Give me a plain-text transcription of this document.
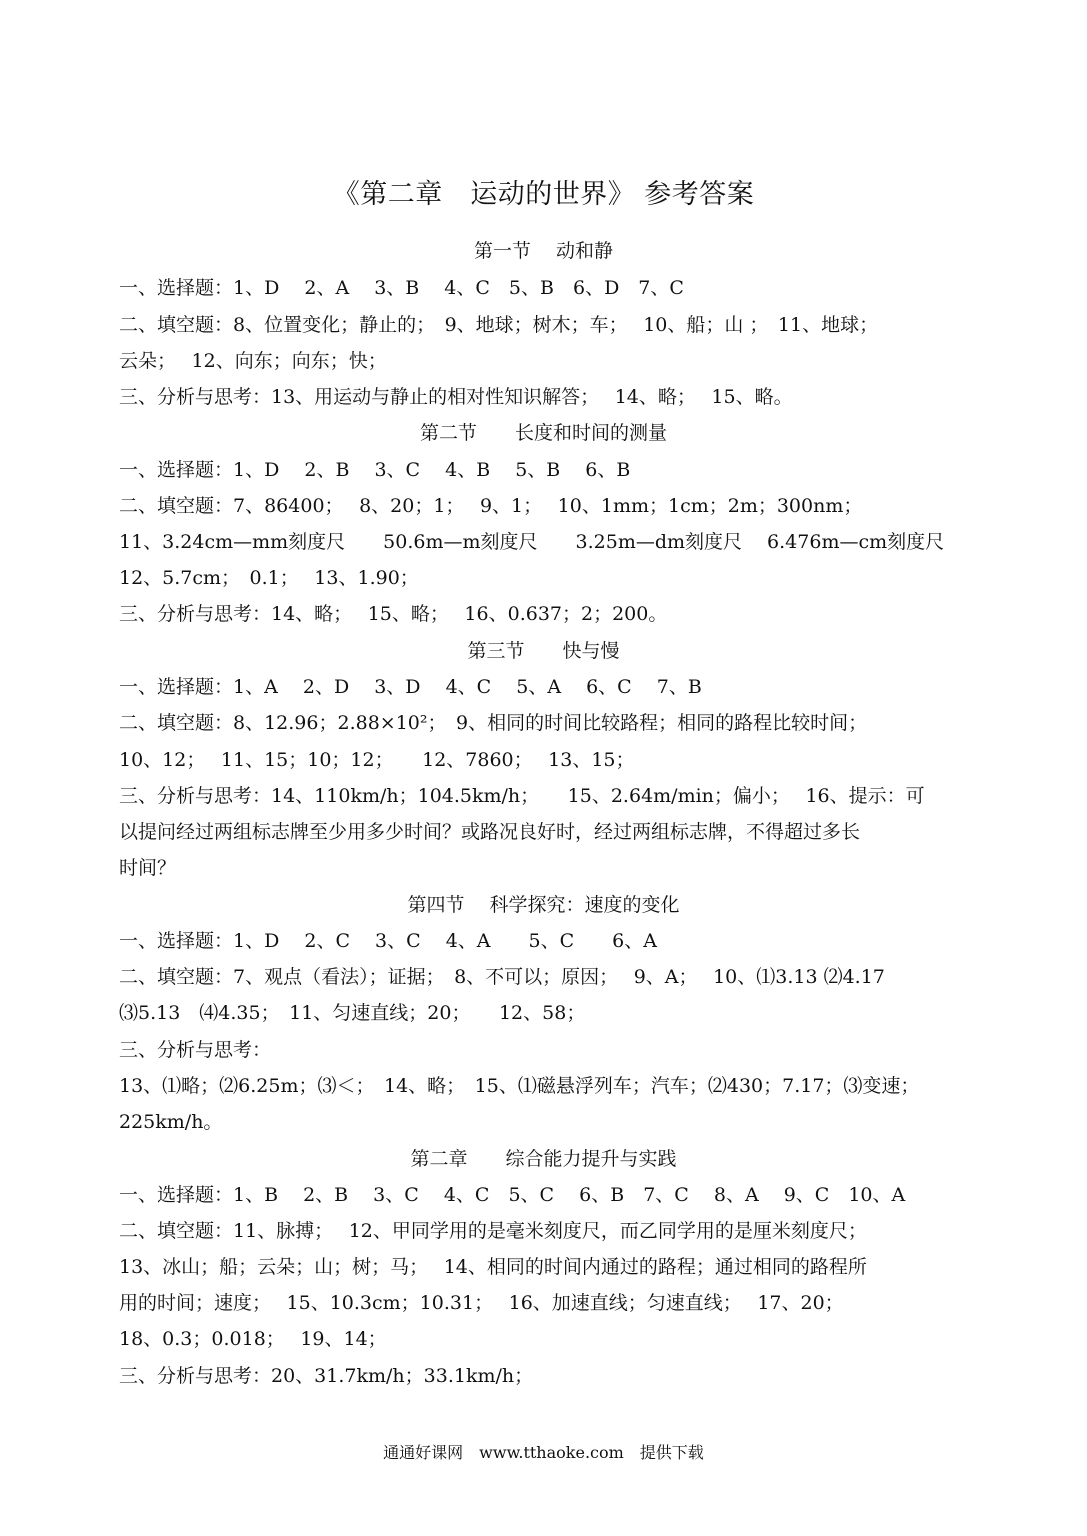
《第二章　运动的世界》 参考答案
第一节　 动和静
一、选择题：1、D　 2、A　 3、B　 4、C　5、B　6、D　7、C
二、填空题：8、位置变化；静止的；　9、地球；树木；车；　 10、船；山 ；　11、地球；
云朵；　 12、向东；向东；快；
三、分析与思考：13、用运动与静止的相对性知识解答；　 14、略；　 15、略。
第二节　　长度和时间的测量
一、选择题：1、D　 2、B　 3、C　 4、B　 5、B　 6、B
二、填空题：7、86400；　 8、20；1；　 9、1；　 10、1mm；1cm；2m；300nm；
11、3.24cm—mm刻度尺　　50.6m—m刻度尺　　3.25m—dm刻度尺　 6.476m—cm刻度尺
12、5.7cm；　0.1；　 13、1.90；
三、分析与思考：14、略；　 15、略；　 16、0.637；2；200。
第三节　　快与慢
一、选择题：1、A　 2、D　 3、D　 4、C　 5、A　 6、C　 7、B
二、填空题：8、12.96；2.88×10²；　9、相同的时间比较路程；相同的路程比较时间；
10、12；　 11、15；10；12；　　12、7860；　 13、15；
三、分析与思考：14、110km/h；104.5km/h；　　15、2.64m/min；偏小；　 16、提示：可
以提问经过两组标志牌至少用多少时间？或路况良好时，经过两组标志牌，不得超过多长
时间？
第四节　 科学探究：速度的变化
一、选择题：1、D　 2、C　 3、C　 4、A　　5、C　　6、A
二、填空题：7、观点（看法）；证据；　8、不可以；原因；　 9、A；　 10、⑴3.13 ⑵4.17
⑶5.13　⑷4.35；　11、匀速直线；20；　　12、58；
三、分析与思考：
13、⑴略；⑵6.25m；⑶＜；　14、略；　15、⑴磁悬浮列车；汽车；⑵430；7.17；⑶变速；
225km/h。
第二章　　综合能力提升与实践
一、选择题：1、B　 2、B　 3、C　 4、C　5、C　 6、B　7、C　 8、A　 9、C　10、A
二、填空题：11、脉搏；　 12、甲同学用的是毫米刻度尺，而乙同学用的是厘米刻度尺；
13、冰山；船；云朵；山；树；马；　 14、相同的时间内通过的路程；通过相同的路程所
用的时间；速度；　 15、10.3cm；10.31；　 16、加速直线；匀速直线；　 17、20；
18、0.3；0.018；　 19、14；
三、分析与思考：20、31.7km/h；33.1km/h；
通通好课网　www.tthaoke.com　提供下载
